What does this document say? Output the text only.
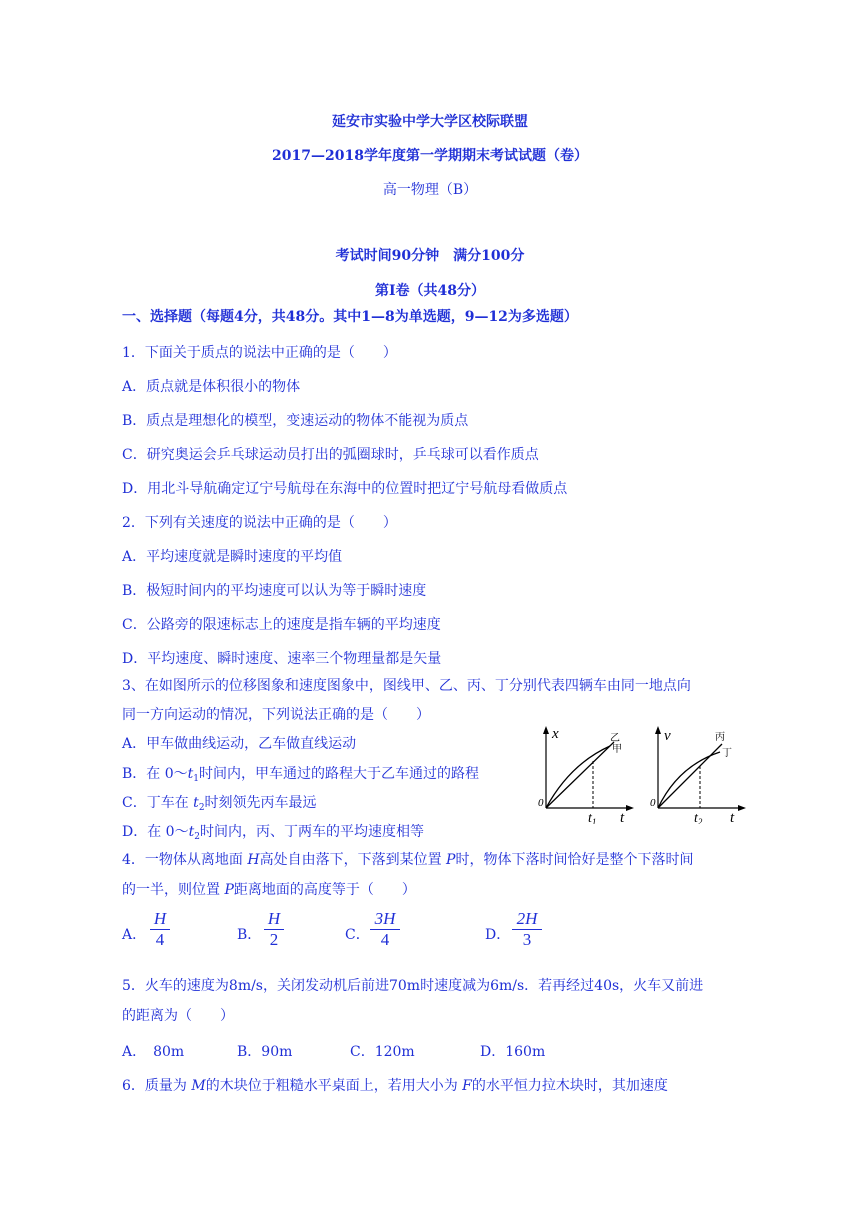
延安市实验中学大学区校际联盟
2017—2018学年度第一学期期末考试试题（卷）
高一物理（B）
考试时间90分钟　满分100分
第Ⅰ卷（共48分）
一、选择题（每题4分，共48分。其中1—8为单选题，9—12为多选题）
1．下面关于质点的说法中正确的是（　　）
A．质点就是体积很小的物体
B．质点是理想化的模型，变速运动的物体不能视为质点
C．研究奥运会乒乓球运动员打出的弧圈球时，乒乓球可以看作质点
D．用北斗导航确定辽宁号航母在东海中的位置时把辽宁号航母看做质点
2．下列有关速度的说法中正确的是（　　）
A．平均速度就是瞬时速度的平均值
B．极短时间内的平均速度可以认为等于瞬时速度
C．公路旁的限速标志上的速度是指车辆的平均速度
D．平均速度、瞬时速度、速率三个物理量都是矢量
3、在如图所示的位移图象和速度图象中，图线甲、乙、丙、丁分别代表四辆车由同一地点向
同一方向运动的情况，下列说法正确的是（　　）
A．甲车做曲线运动，乙车做直线运动
B．在 $0\sim t_1$时间内，甲车通过的路程大于乙车通过的路程
C．丁车在 $t_2$时刻领先丙车最远
D．在 $0\sim t_2$时间内，丙、丁两车的平均速度相等
x	乙
甲
0
$t_1$ t
v	丙
丁
0
$t_2$ t
4．一物体从离地面 H高处自由落下，下落到某位置 P时，物体下落时间恰好是整个下落时间
的一半，则位置 P距离地面的高度等于（　　）
A．
H
4	B．
H
2	C．
3H
4	D．
2H
3
5．火车的速度为8m/s，关闭发动机后前进70m时速度减为6m/s．若再经过40s，火车又前进
的距离为（　　）
A．　80m	B．90m	C．120m	D．160m
6．质量为 M的木块位于粗糙水平桌面上，若用大小为 F的水平恒力拉木块时，其加速度
